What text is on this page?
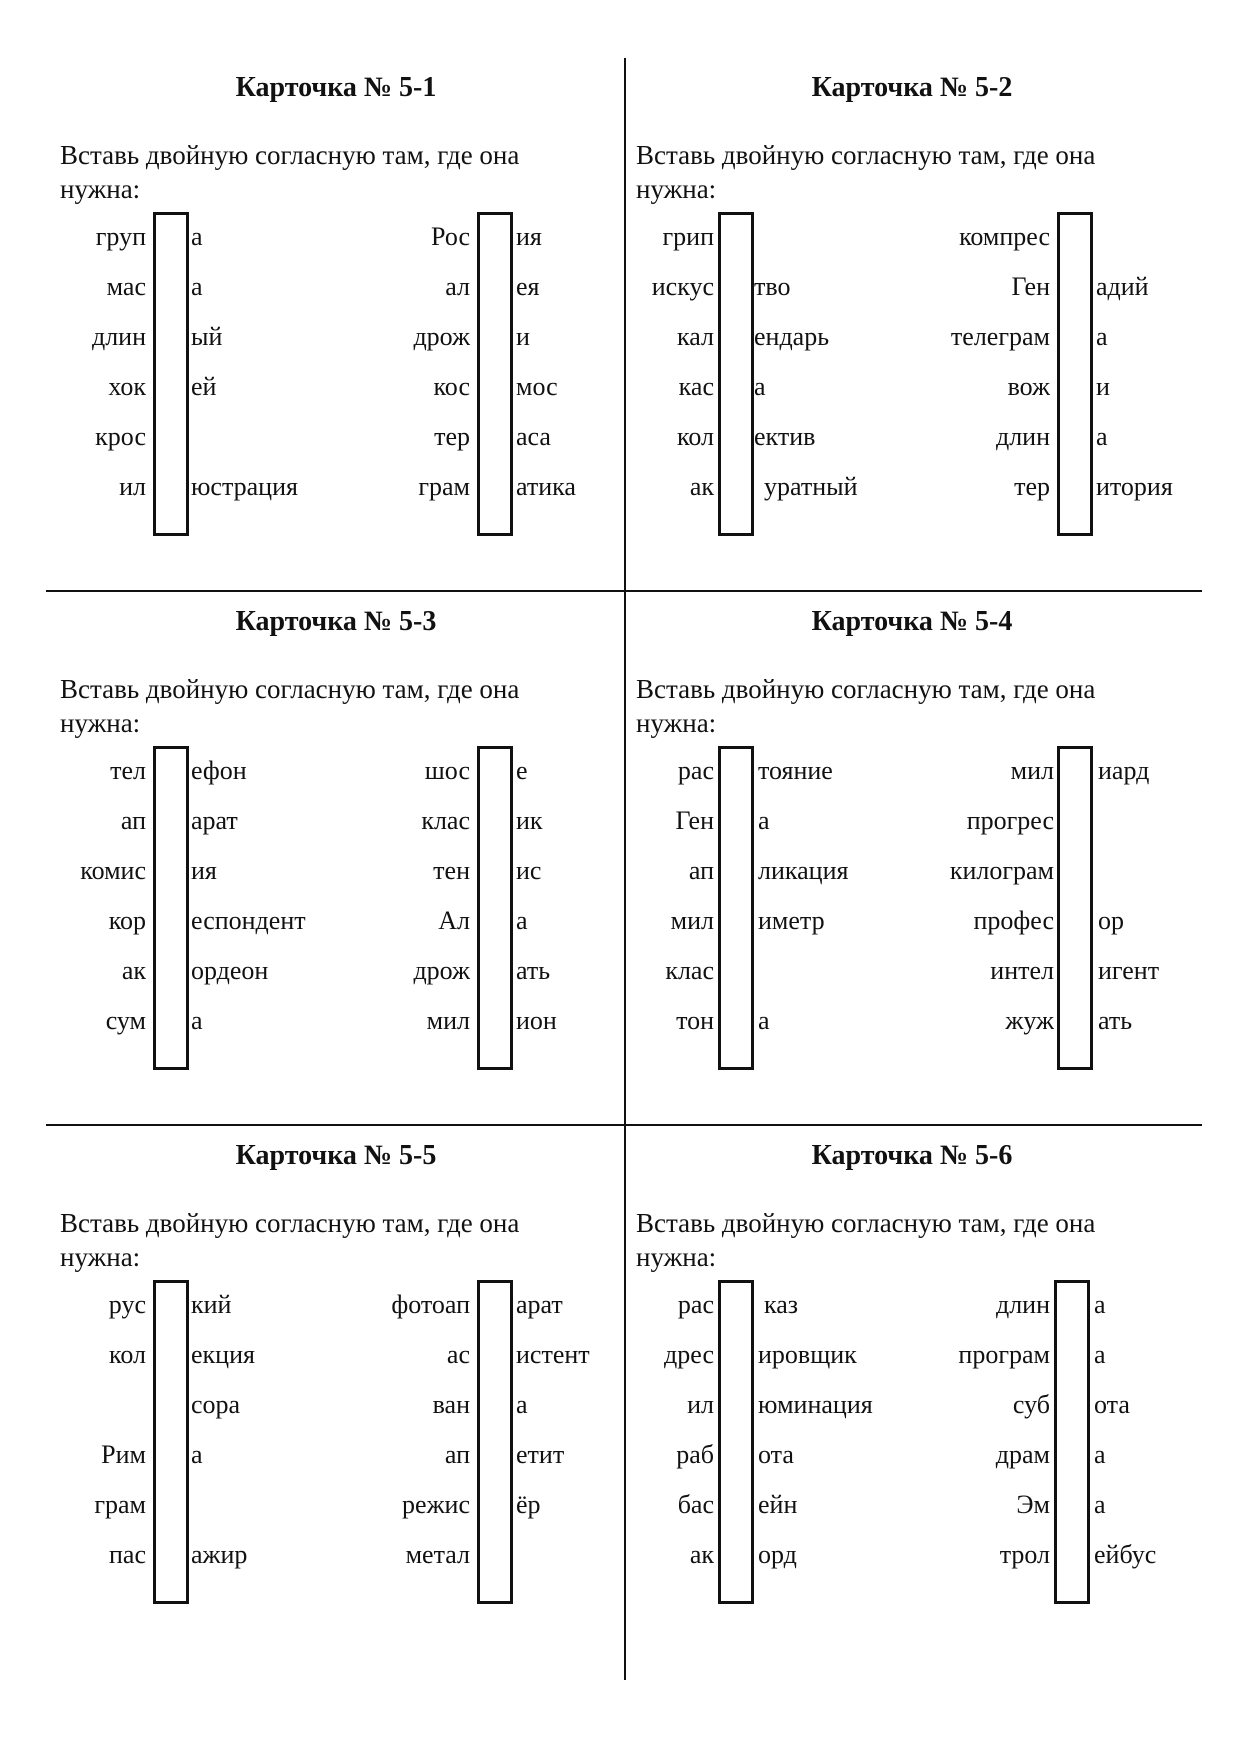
Карточка № 5-1

Вставь двойную согласную там, где она нужна:

груп а
мас а
длин ый
хок ей
крос
ил юстрация
Рос ия
ал ея
дрож и
кос мос
тер аса
грам атика
Карточка № 5-2

Вставь двойную согласную там, где она нужна:

грип
искус тво
кал ендарь
кас а
кол ектив
ак уратный
компрес
Ген адий
телеграм а
вож и
длин а
тер итория
Карточка № 5-3

Вставь двойную согласную там, где она нужна:

тел ефон
ап арат
комис ия
кор еспондент
ак ордеон
сум а
шос е
клас ик
тен ис
Ал а
дрож ать
мил ион
Карточка № 5-4

Вставь двойную согласную там, где она нужна:

рас тояние
Ген а
ап ликация
мил иметр
клас
тон а
мил иард
прогрес
килограм
профес ор
интел игент
жуж ать
Карточка № 5-5

Вставь двойную согласную там, где она нужна:

рус кий
кол екция
сора
Рим а
грам
пас ажир
фотоап арат
ас истент
ван а
ап етит
режис ёр
метал
Карточка № 5-6

Вставь двойную согласную там, где она нужна:

рас каз
дрес ировщик
ил юминация
раб ота
бас ейн
ак орд
длин а
програм а
суб ота
драм а
Эм а
трол ейбус
